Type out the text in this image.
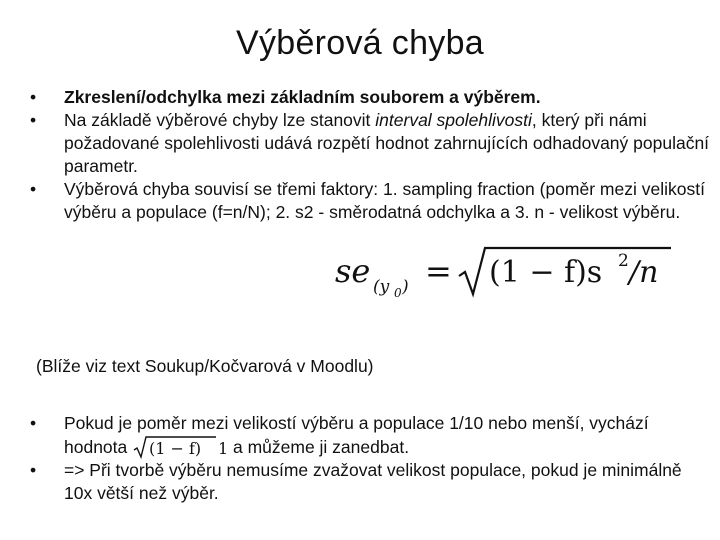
Výběrová chyba
• Zkreslení/odchylka mezi základním souborem a výběrem.
• Na základě výběrové chyby lze stanovit interval spolehlivosti, který při námi požadované spolehlivosti udává rozpětí hodnot zahrnujících odhadovaný populační parametr.
• Výběrová chyba souvisí se třemi faktory: 1. sampling fraction (poměr mezi velikostí výběru a populace (f=n/N); 2. s2 - směrodatná odchylka a 3. n - velikost výběru.
se (y 0 ) = (1 − f)s 2 /n

(Blíže viz text Soukup/Kočvarová v Moodlu)

• Pokud je poměr mezi velikostí výběru a populace 1/10 nebo menší, vychází hodnota (1 − f) 1 a můžeme ji zanedbat.
• => Při tvorbě výběru nemusíme zvažovat velikost populace, pokud je minimálně 10x větší než výběr.
